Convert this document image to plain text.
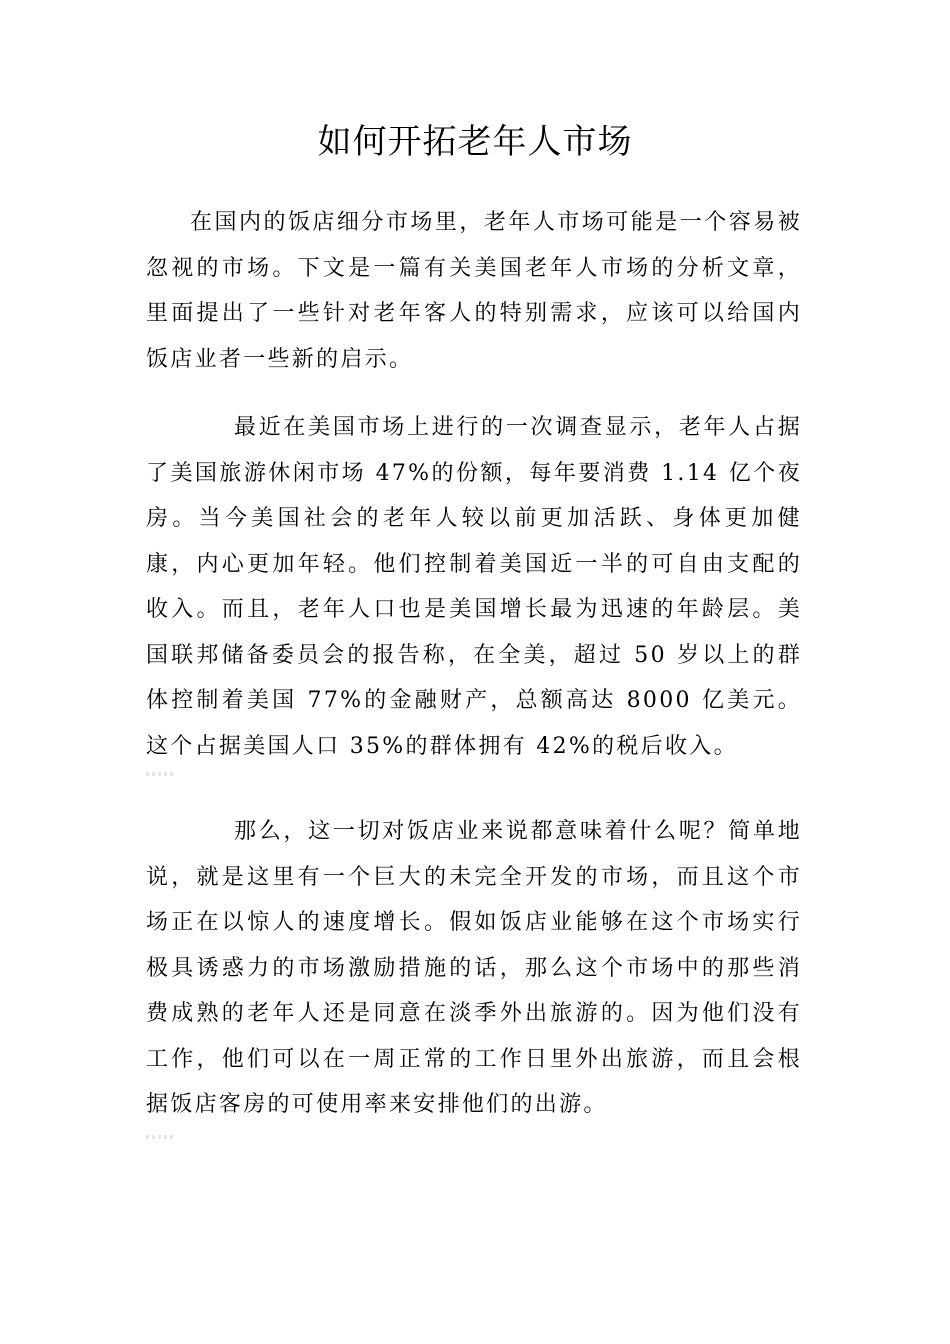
如何开拓老年人市场

在国内的饭店细分市场里，老年人市场可能是一个容易被忽视的市场。下文是一篇有关美国老年人市场的分析文章，里面提出了一些针对老年客人的特别需求，应该可以给国内饭店业者一些新的启示。

最近在美国市场上进行的一次调查显示，老年人占据了美国旅游休闲市场 47%的份额，每年要消费 1.14 亿个夜房。当今美国社会的老年人较以前更加活跃、身体更加健康，内心更加年轻。他们控制着美国近一半的可自由支配的收入。而且，老年人口也是美国增长最为迅速的年龄层。美国联邦储备委员会的报告称，在全美，超过 50 岁以上的群体控制着美国 77%的金融财产，总额高达 8000 亿美元。这个占据美国人口 35%的群体拥有 42%的税后收入。

那么，这一切对饭店业来说都意味着什么呢？简单地说，就是这里有一个巨大的未完全开发的市场，而且这个市场正在以惊人的速度增长。假如饭店业能够在这个市场实行极具诱惑力的市场激励措施的话，那么这个市场中的那些消费成熟的老年人还是同意在淡季外出旅游的。因为他们没有工作，他们可以在一周正常的工作日里外出旅游，而且会根据饭店客房的可使用率来安排他们的出游。
